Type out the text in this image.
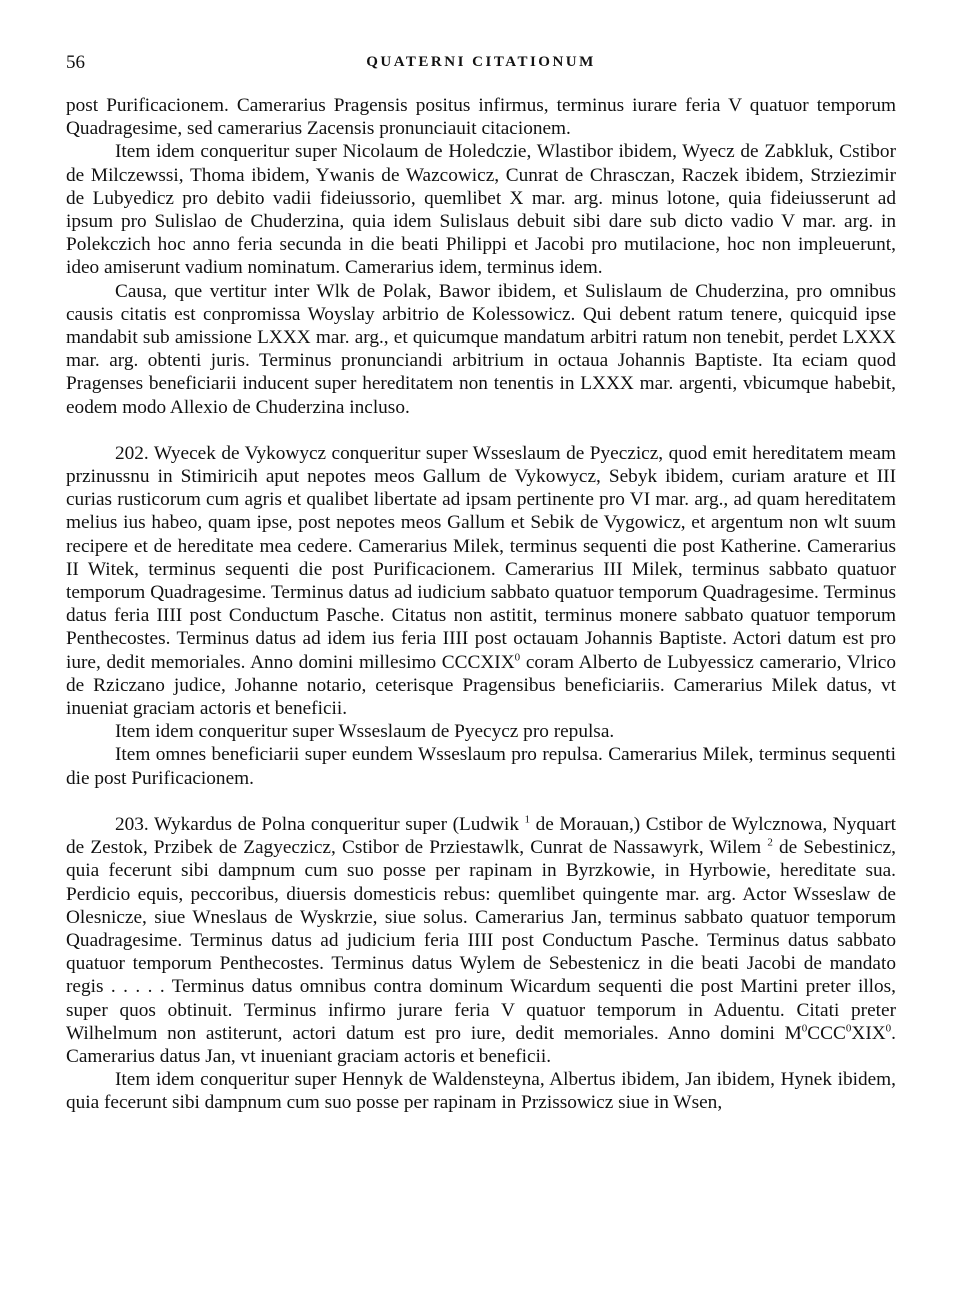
56	QUATERNI CITATIONUM

post Purificacionem. Camerarius Pragensis positus infirmus, terminus iurare feria V quatuor temporum Quadragesime, sed camerarius Zacensis pronunciauit citacionem.

Item idem conqueritur super Nicolaum de Holedczie, Wlastibor ibidem, Wyecz de Zabkluk, Cstibor de Milczewssi, Thoma ibidem, Ywanis de Wazcowicz, Cunrat de Chrasczan, Raczek ibidem, Strziezimir de Lubyedicz pro debito vadii fideiussorio, quemlibet X mar. arg. minus lotone, quia fideiusserunt ad ipsum pro Sulislao de Chuderzina, quia idem Sulislaus debuit sibi dare sub dicto vadio V mar. arg. in Polekczich hoc anno feria secunda in die beati Philippi et Jacobi pro mutilacione, hoc non impleuerunt, ideo amiserunt vadium nominatum. Camerarius idem, terminus idem.

Causa, que vertitur inter Wlk de Polak, Bawor ibidem, et Sulislaum de Chuderzina, pro omnibus causis citatis est conpromissa Woyslay arbitrio de Kolessowicz. Qui debent ratum tenere, quicquid ipse mandabit sub amissione LXXX mar. arg., et quicumque mandatum arbitri ratum non tenebit, perdet LXXX mar. arg. obtenti juris. Terminus pronunciandi arbitrium in octaua Johannis Baptiste. Ita eciam quod Pragenses beneficiarii inducent super hereditatem non tenentis in LXXX mar. argenti, vbicumque habebit, eodem modo Allexio de Chuderzina incluso.

202. Wyecek de Vykowycz conqueritur super Wsseslaum de Pyeczicz, quod emit hereditatem meam przinussnu in Stimiricih aput nepotes meos Gallum de Vykowycz, Sebyk ibidem, curiam arature et III curias rusticorum cum agris et qualibet libertate ad ipsam pertinente pro VI mar. arg., ad quam hereditatem melius ius habeo, quam ipse, post nepotes meos Gallum et Sebik de Vygowicz, et argentum non wlt suum recipere et de hereditate mea cedere. Camerarius Milek, terminus sequenti die post Katherine. Camerarius II Witek, terminus sequenti die post Purificacionem. Camerarius III Milek, terminus sabbato quatuor temporum Quadragesime. Terminus datus ad iudicium sabbato quatuor temporum Quadragesime. Terminus datus feria IIII post Conductum Pasche. Citatus non astitit, terminus monere sabbato quatuor temporum Penthecostes. Terminus datus ad idem ius feria IIII post octauam Johannis Baptiste. Actori datum est pro iure, dedit memoriales. Anno domini millesimo CCCXIX$^0$ coram Alberto de Lubyessicz camerario, Vlrico de Rziczano judice, Johanne notario, ceterisque Pragensibus beneficiariis. Camerarius Milek datus, vt inueniat graciam actoris et beneficii.

Item idem conqueritur super Wsseslaum de Pyecycz pro repulsa.

Item omnes beneficiarii super eundem Wsseslaum pro repulsa. Camerarius Milek, terminus sequenti die post Purificacionem.

203. Wykardus de Polna conqueritur super (Ludwik $^1$ de Morauan,) Cstibor de Wylcznowa, Nyquart de Zestok, Przibek de Zagyeczicz, Cstibor de Prziestawlk, Cunrat de Nassawyrk, Wilem $^2$ de Sebestinicz, quia fecerunt sibi dampnum cum suo posse per rapinam in Byrzkowie, in Hyrbowie, hereditate sua. Perdicio equis, peccoribus, diuersis domesticis rebus: quemlibet quingente mar. arg. Actor Wsseslaw de Olesnicze, siue Wneslaus de Wyskrzie, siue solus. Camerarius Jan, terminus sabbato quatuor temporum Quadragesime. Terminus datus ad judicium feria IIII post Conductum Pasche. Terminus datus sabbato quatuor temporum Penthecostes. Terminus datus Wylem de Sebestenicz in die beati Jacobi de mandato regis . . . . . Terminus datus omnibus contra dominum Wicardum sequenti die post Martini preter illos, super quos obtinuit. Terminus infirmo jurare feria V quatuor temporum in Aduentu. Citati preter Wilhelmum non astiterunt, actori datum est pro iure, dedit memoriales. Anno domini $M^0CCC^0XIX^0$. Camerarius datus Jan, vt inueniant graciam actoris et beneficii.

Item idem conqueritur super Hennyk de Waldensteyna, Albertus ibidem, Jan ibidem, Hynek ibidem, quia fecerunt sibi dampnum cum suo posse per rapinam in Przissowicz siue in Wsen,
